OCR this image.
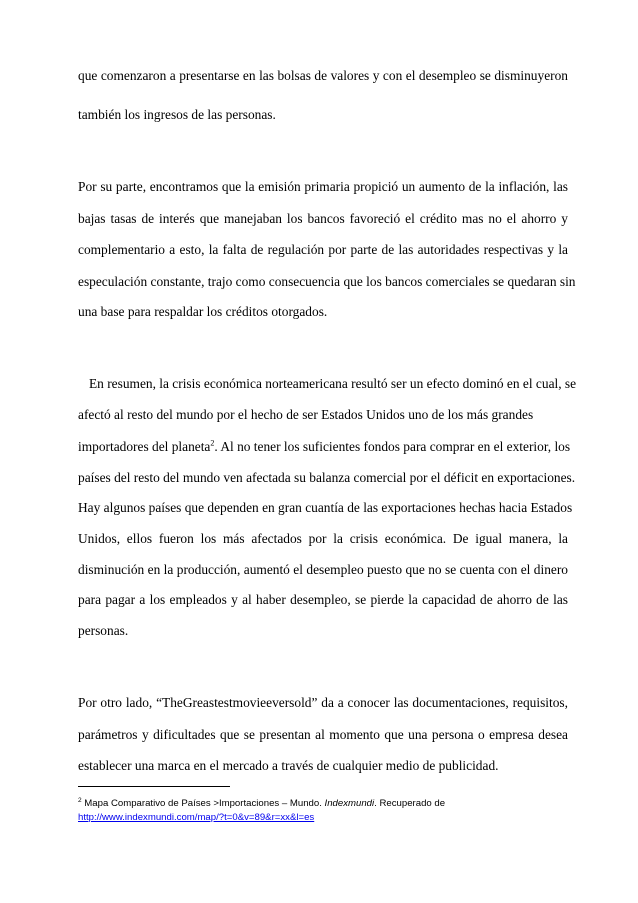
que comenzaron a presentarse en las bolsas de valores y con el desempleo se disminuyeron
también los ingresos de las personas.
Por su parte, encontramos que la emisión primaria propició un aumento de la inflación, las
bajas tasas de interés que manejaban los bancos favoreció el crédito mas no el ahorro y
complementario a esto, la falta de regulación por parte de las autoridades respectivas y la
especulación constante, trajo como consecuencia que los bancos comerciales se quedaran sin
una base para respaldar los créditos otorgados.
En resumen, la crisis económica norteamericana resultó ser un efecto dominó en el cual, se
afectó al resto del mundo por el hecho de ser Estados Unidos uno de los más grandes
importadores del planeta$^2$. Al no tener los suficientes fondos para comprar en el exterior, los
países del resto del mundo ven afectada su balanza comercial por el déficit en exportaciones.
Hay algunos países que dependen en gran cuantía de las exportaciones hechas hacia Estados
Unidos, ellos fueron los más afectados por la crisis económica. De igual manera, la
disminución en la producción, aumentó el desempleo puesto que no se cuenta con el dinero
para pagar a los empleados y al haber desempleo, se pierde la capacidad de ahorro de las
personas.
Por otro lado, “TheGreastestmovieeversold” da a conocer las documentaciones, requisitos,
parámetros y dificultades que se presentan al momento que una persona o empresa desea
establecer una marca en el mercado a través de cualquier medio de publicidad.
$^2$ Mapa Comparativo de Países >Importaciones – Mundo. Indexmundi. Recuperado de
http://www.indexmundi.com/map/?t=0&v=89&r=xx&l=es
